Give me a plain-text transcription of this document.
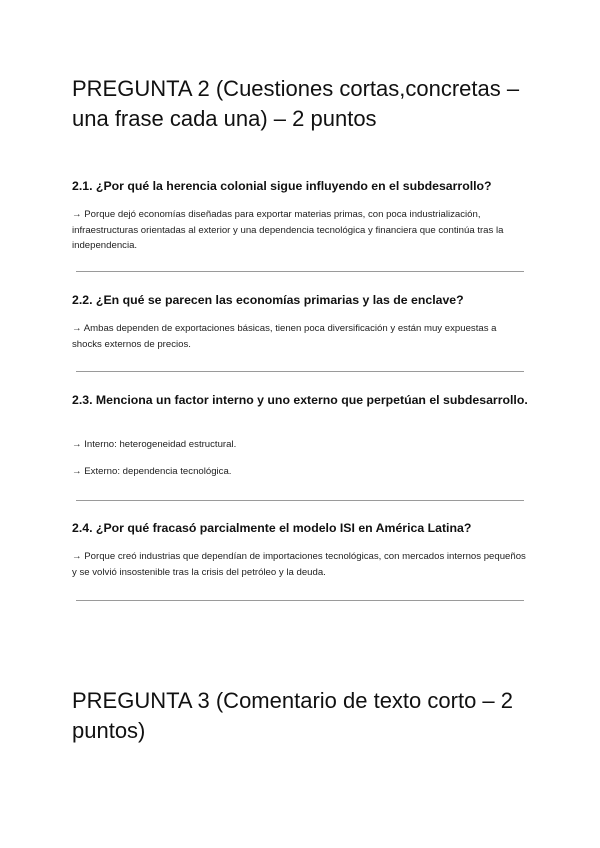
PREGUNTA 2 (Cuestiones cortas,concretas – una frase cada una) – 2 puntos

2.1. ¿Por qué la herencia colonial sigue influyendo en el subdesarrollo?

→ Porque dejó economías diseñadas para exportar materias primas, con poca industrialización, infraestructuras orientadas al exterior y una dependencia tecnológica y financiera que continúa tras la independencia.

2.2. ¿En qué se parecen las economías primarias y las de enclave?

→ Ambas dependen de exportaciones básicas, tienen poca diversificación y están muy expuestas a shocks externos de precios.

2.3. Menciona un factor interno y uno externo que perpetúan el subdesarrollo.

→ Interno: heterogeneidad estructural.

→ Externo: dependencia tecnológica.

2.4. ¿Por qué fracasó parcialmente el modelo ISI en América Latina?

→ Porque creó industrias que dependían de importaciones tecnológicas, con mercados internos pequeños y se volvió insostenible tras la crisis del petróleo y la deuda.

PREGUNTA 3 (Comentario de texto corto – 2 puntos)
